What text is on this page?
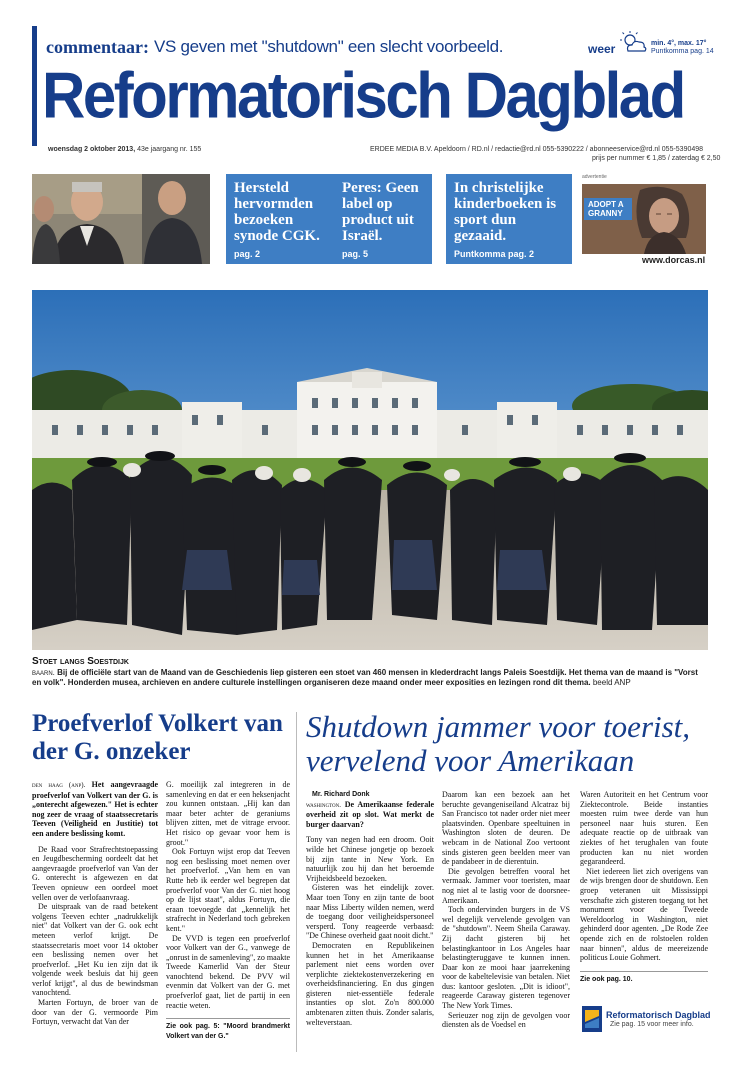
commentaar: VS geven met "shutdown" een slecht voorbeeld.	weer	min. 4°, max. 17°
Puntkomma pag. 14
Reformatorisch Dagblad
woensdag 2 oktober 2013, 43e jaargang nr. 155	ERDEE MEDIA B.V. Apeldoorn / RD.nl / redactie@rd.nl 055-5390222 / abonneeservice@rd.nl 055-5390498
prijs per nummer € 1,85 / zaterdag € 2,50
Hersteld hervormden bezoeken synode CGK.
pag. 2
Peres: Geen label op product uit Israël.
pag. 5
In christelijke kinderboeken is sport dun gezaaid.
Puntkomma pag. 2
advertentie
ADOPT A GRANNY
www.dorcas.nl
Stoet langs Soestdijk
baarn. Bij de officiële start van de Maand van de Geschiedenis liep gisteren een stoet van 460 mensen in klederdracht langs Paleis Soestdijk. Het thema van de maand is "Vorst en volk". Honderden musea, archieven en andere culturele instellingen organiseren deze maand onder meer exposities en lezingen rond dit thema. beeld ANP
Proefverlof Volkert van der G. onzeker

den haag (anp). Het aangevraagde proefverlof van Volkert van der G. is „onterecht afgewezen." Het is echter nog zeer de vraag of staatssecretaris Teeven (Veiligheid en Justitie) tot een andere beslissing komt.

De Raad voor Strafrechtstoepassing en Jeugdbescherming oordeelt dat het aangevraagde proefverlof van Van der G. onterecht is afgewezen en dat Teeven opnieuw een oordeel moet vellen over de verlofaanvraag.

De uitspraak van de raad betekent volgens Teeven echter „nadrukkelijk niet" dat Volkert van der G. ook echt meteen verlof krijgt. De staatssecretaris moet voor 14 oktober een beslissing nemen over het proefverlof. „Het Ku ien zijn dat ik volgende week besluis dat hij geen verlof krijgt", al dus de bewindsman vanochtend.

Marten Fortuyn, de broer van de door van der G. vermoorde Pim Fortuyn, verwacht dat Van der

G. moeilijk zal integreren in de samenleving en dat er een heksenjacht zou kunnen ontstaan. „Hij kan dan maar beter achter de geraniums blijven zitten, met de vitrage ervoor. Het risico op gevaar voor hem is groot."

Ook Fortuyn wijst erop dat Teeven nog een beslissing moet nemen over het proefverlof. „Van hem en van Rutte heb ik eerder wel begrepen dat proefverlof voor Van der G. niet hoog op de lijst staat", aldus Fortuyn, die eraan toevoegde dat „kennelijk het strafrecht in Nederland toch gebreken kent."

De VVD is tegen een proefverlof voor Volkert van der G., vanwege de „onrust in de samenleving", zo maakte Tweede Kamerlid Van der Steur vanochtend bekend. De PVV wil evenmin dat Volkert van der G. met proefverlof gaat, liet de partij in een reactie weten.

Zie ook pag. 5: "Moord brandmerkt Volkert van der G."

Shutdown jammer voor toerist, vervelend voor Amerikaan

Mr. Richard Donk

washington. De Amerikaanse federale overheid zit op slot. Wat merkt de burger daarvan?

Tony van negen had een droom. Ooit wilde het Chinese jongetje op bezoek bij zijn tante in New York. En natuurlijk zou hij dan het beroemde Vrijheidsbeeld bezoeken.

Gisteren was het eindelijk zover. Maar toen Tony en zijn tante de boot naar Miss Liberty wilden nemen, werd de toegang door veiligheidspersoneel versperd. Tony reageerde verbaasd: "De Chinese overheid gaat nooit dicht."

Democraten en Republikeinen kunnen het in het Amerikaanse parlement niet eens worden over verplichte ziektekostenverzekering en overheidsfinanciering. En dus gingen gisteren niet-essentiële federale instanties op slot. Zo'n 800.000 ambtenaren zitten thuis. Zonder salaris, welteverstaan.

Daarom kan een bezoek aan het beruchte gevangeniseiland Alcatraz bij San Francisco tot nader order niet meer plaatsvinden. Openbare speeltuinen in Washington sloten de deuren. De webcam in de National Zoo vertoont sinds gisteren geen beelden meer van de pandabeer in de dierentuin.

Die gevolgen betreffen vooral het vermaak. Jammer voor toeristen, maar nog niet al te lastig voor de doorsnee-Amerikaan.

Toch ondervinden burgers in de VS wel degelijk vervelende gevolgen van de "shutdown". Neem Sheila Caraway. Zij dacht gisteren bij het belastingkantoor in Los Angeles haar belastingteruggave te kunnen innen. Daar kon ze mooi haar jaarrekening voor de kabeltelevisie van betalen. Niet dus: kantoor gesloten. „Dit is idioot", reageerde Caraway gisteren tegenover The New York Times.

Serieuzer nog zijn de gevolgen voor diensten als de Voedsel en

Waren Autoriteit en het Centrum voor Ziektecontrole. Beide instanties moesten ruim twee derde van hun personeel naar huis sturen. Een adequate reactie op de uitbraak van ziektes of het terughalen van foute producten kan nu niet worden gegarandeerd.

Niet iedereen liet zich overigens van de wijs brengen door de shutdown. Een groep veteranen uit Mississippi verschafte zich gisteren toegang tot het monument voor de Tweede Wereldoorlog in Washington, niet gehinderd door agenten. „De Rode Zee opende zich en de rolstoelen rolden naar binnen", aldus de meereizende politicus Louie Gohmert.

Zie ook pag. 10.

Reformatorisch Dagblad
Zie pag. 15 voor meer info.
